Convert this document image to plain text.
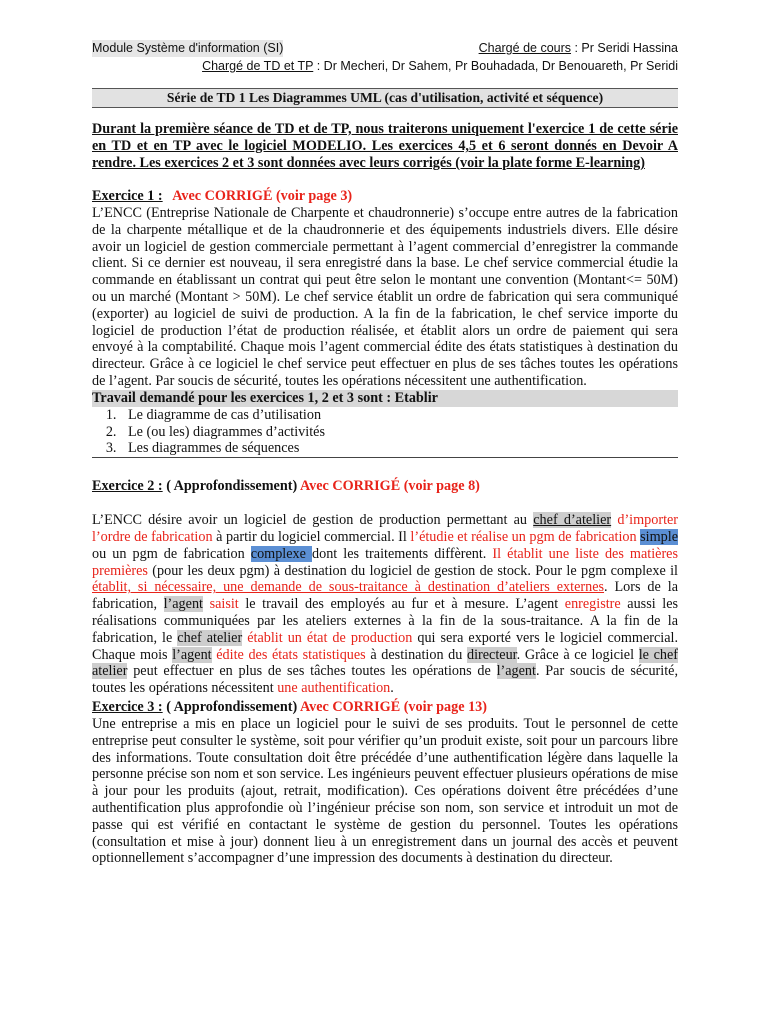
Module Système d'information (SI)	Chargé de cours : Pr Seridi Hassina
Chargé de TD et TP : Dr Mecheri, Dr Sahem, Pr Bouhadada, Dr Benouareth, Pr Seridi
Série de TD 1 Les Diagrammes UML (cas d'utilisation, activité et séquence)

Durant la première séance de TD et de TP, nous traiterons uniquement l'exercice 1 de cette série en TD et en TP avec le logiciel MODELIO. Les exercices 4,5 et 6 seront donnés en Devoir A rendre. Les exercices 2 et 3 sont données avec leurs corrigés (voir la plate forme E-learning)

Exercice 1 : Avec CORRIGÉ (voir page 3)

L’ENCC (Entreprise Nationale de Charpente et chaudronnerie) s’occupe entre autres de la fabrication de la charpente métallique et de la chaudronnerie et des équipements industriels divers. Elle désire avoir un logiciel de gestion commerciale permettant à l’agent commercial d’enregistrer la commande client. Si ce dernier est nouveau, il sera enregistré dans la base. Le chef service commercial étudie la commande en établissant un contrat qui peut être selon le montant une convention (Montant<= 50M) ou un marché (Montant > 50M). Le chef service établit un ordre de fabrication qui sera communiqué (exporter) au logiciel de suivi de production. A la fin de la fabrication, le chef service importe du logiciel de production l’état de production réalisée, et établit alors un ordre de paiement qui sera envoyé à la comptabilité. Chaque mois l’agent commercial édite des états statistiques à destination du directeur. Grâce à ce logiciel le chef service peut effectuer en plus de ses tâches toutes les opérations de l’agent. Par soucis de sécurité, toutes les opérations nécessitent une authentification.

Travail demandé pour les exercices 1, 2 et 3 sont : Etablir
1. Le diagramme de cas d’utilisation
2. Le (ou les) diagrammes d’activités
3. Les diagrammes de séquences
Exercice 2 : ( Approfondissement) Avec CORRIGÉ (voir page 8)

L’ENCC désire avoir un logiciel de gestion de production permettant au chef d’atelier d’importer l’ordre de fabrication à partir du logiciel commercial. Il l’étudie et réalise un pgm de fabrication simple ou un pgm de fabrication complexe dont les traitements diffèrent. Il établit une liste des matières premières (pour les deux pgm) à destination du logiciel de gestion de stock. Pour le pgm complexe il établit, si nécessaire, une demande de sous-traitance à destination d’ateliers externes. Lors de la fabrication, l’agent saisit le travail des employés au fur et à mesure. L’agent enregistre aussi les réalisations communiquées par les ateliers externes à la fin de la sous-traitance. A la fin de la fabrication, le chef atelier établit un état de production qui sera exporté vers le logiciel commercial. Chaque mois l’agent édite des états statistiques à destination du directeur. Grâce à ce logiciel le chef atelier peut effectuer en plus de ses tâches toutes les opérations de l’agent. Par soucis de sécurité, toutes les opérations nécessitent une authentification.

Exercice 3 : ( Approfondissement) Avec CORRIGÉ (voir page 13)

Une entreprise a mis en place un logiciel pour le suivi de ses produits. Tout le personnel de cette entreprise peut consulter le système, soit pour vérifier qu’un produit existe, soit pour un parcours libre des informations. Toute consultation doit être précédée d’une authentification légère dans laquelle la personne précise son nom et son service. Les ingénieurs peuvent effectuer plusieurs opérations de mise à jour pour les produits (ajout, retrait, modification). Ces opérations doivent être précédées d’une authentification plus approfondie où l’ingénieur précise son nom, son service et introduit un mot de passe qui est vérifié en contactant le système de gestion du personnel. Toutes les opérations (consultation et mise à jour) donnent lieu à un enregistrement dans un journal des accès et peuvent optionnellement s’accompagner d’une impression des documents à destination du directeur.
